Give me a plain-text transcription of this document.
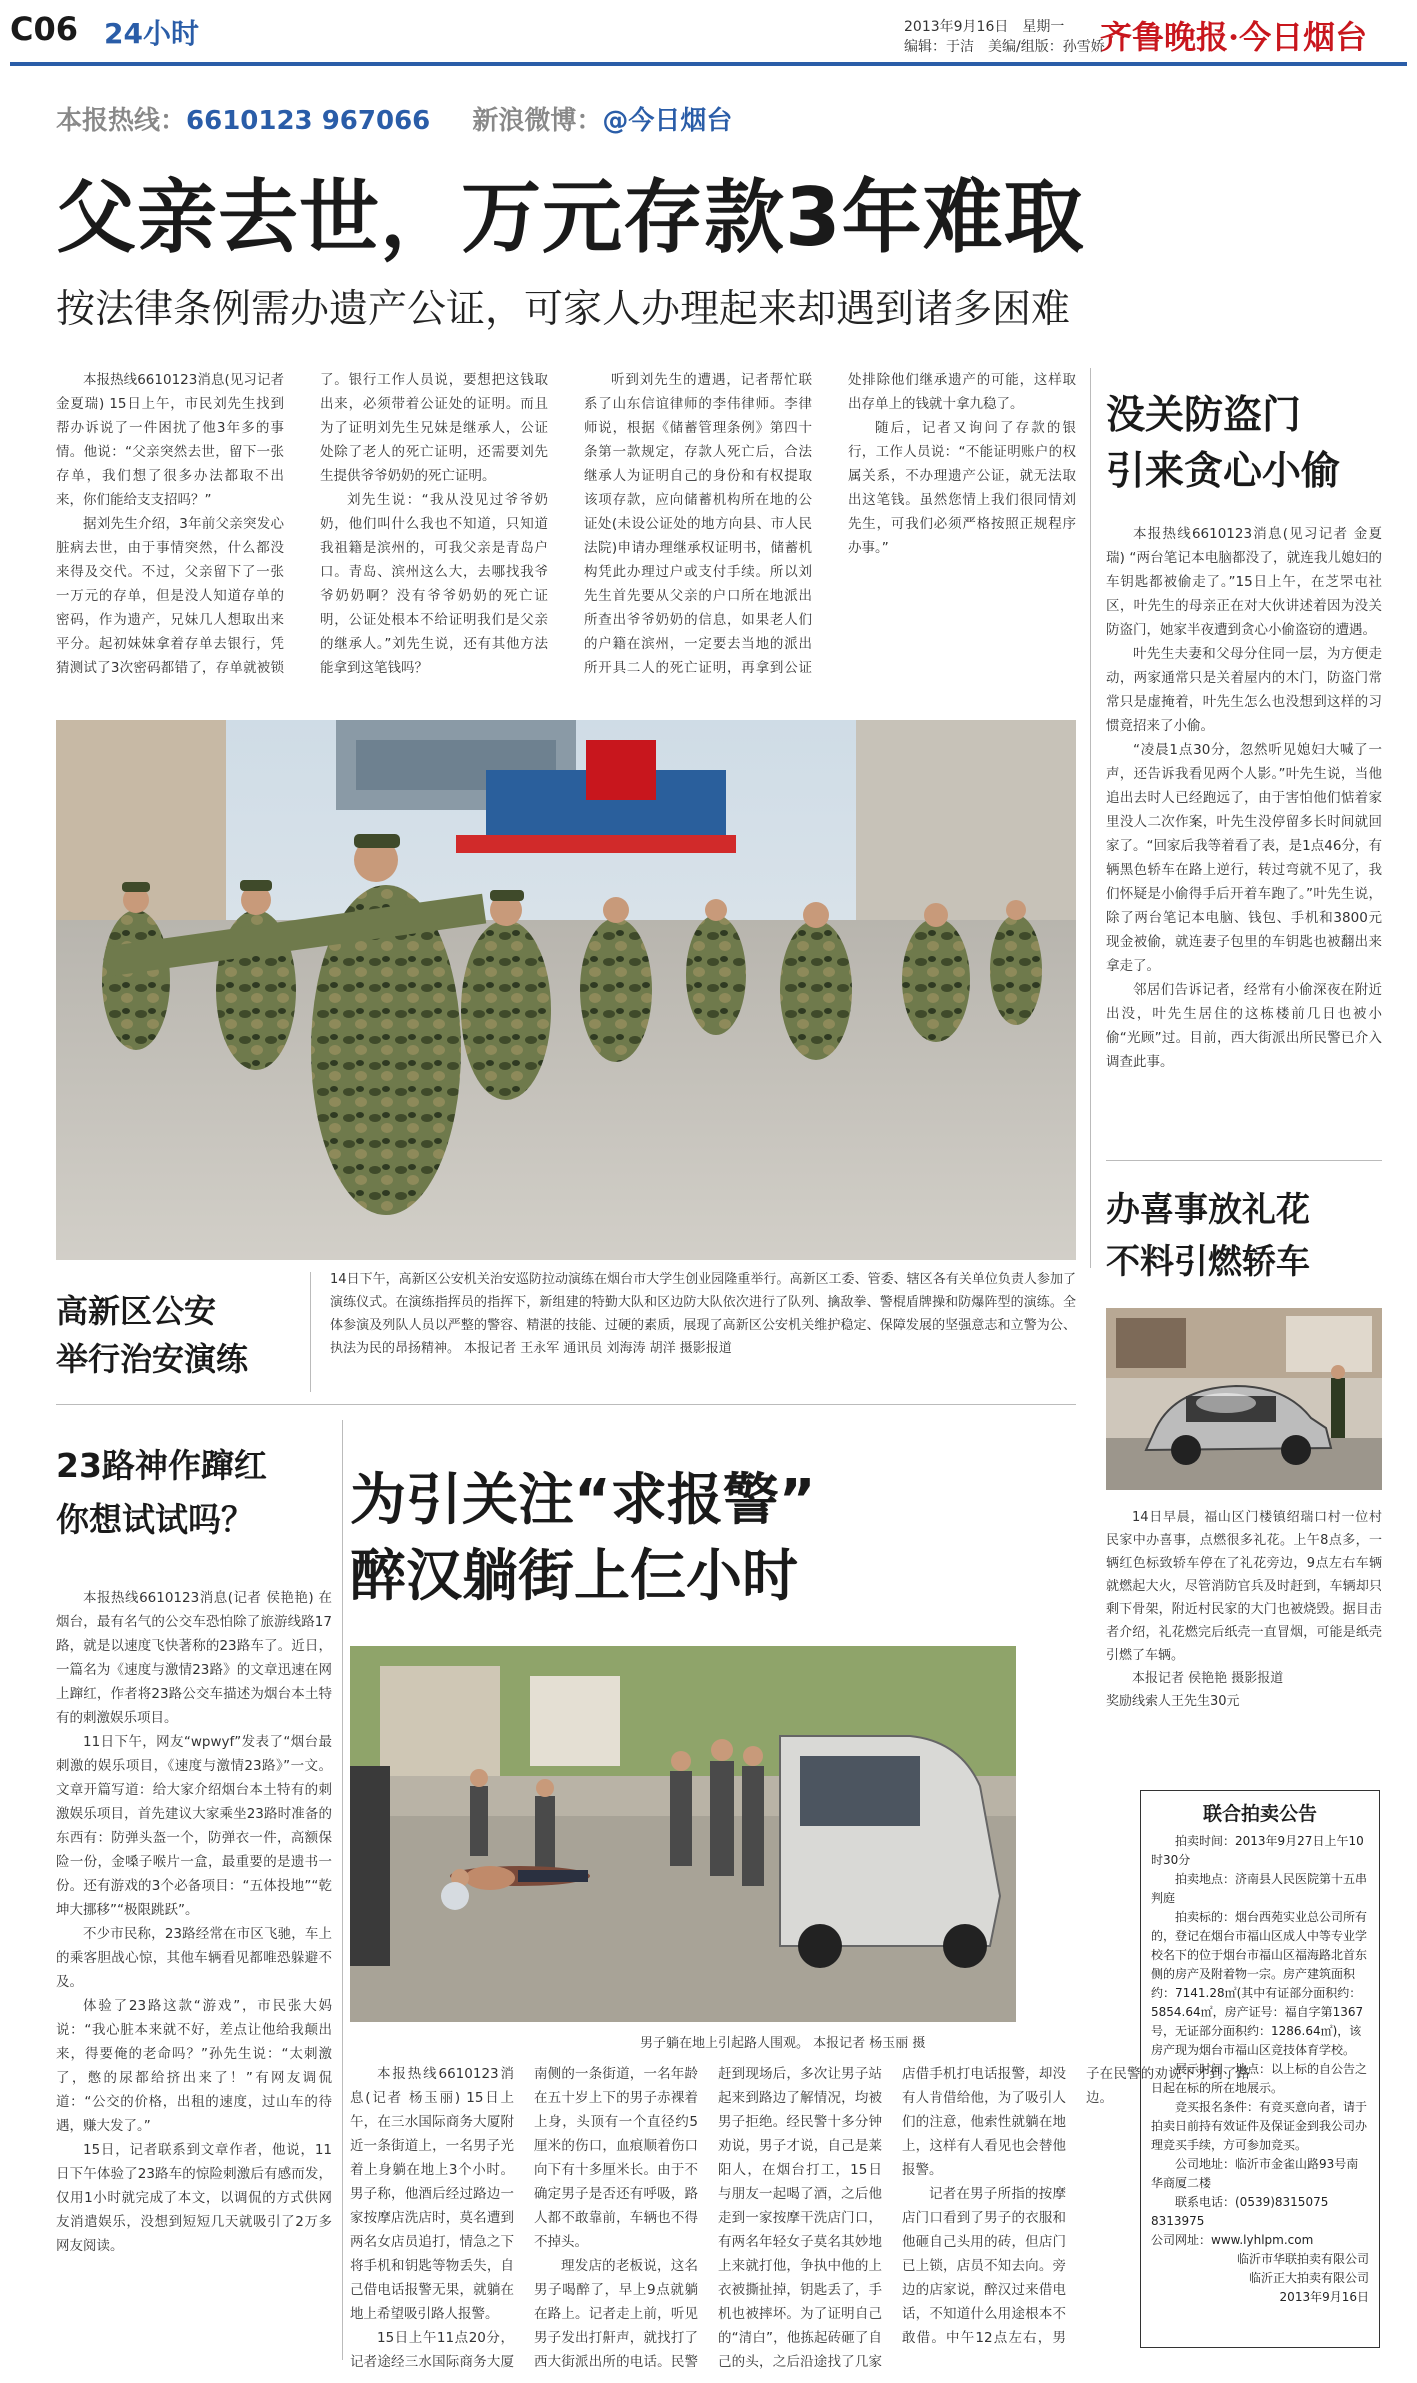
C06 24小时	2013年9月16日　星期一
编辑：于洁　美编/组版：孙雪娇
齐鲁晚报·今日烟台
本报热线：6610123 967066 新浪微博：@今日烟台
父亲去世，万元存款3年难取
按法律条例需办遗产公证，可家人办理起来却遇到诸多困难

本报热线6610123消息(见习记者 金夏瑞) 15日上午，市民刘先生找到帮办诉说了一件困扰了他3年多的事情。他说：“父亲突然去世，留下一张存单，我们想了很多办法都取不出来，你们能给支支招吗？”

据刘先生介绍，3年前父亲突发心脏病去世，由于事情突然，什么都没来得及交代。不过，父亲留下了一张一万元的存单，但是没人知道存单的密码，作为遗产，兄妹几人想取出来平分。起初妹妹拿着存单去银行，凭猜测试了3次密码都错了，存单就被锁了。银行工作人员说，要想把这钱取出来，必须带着公证处的证明。而且为了证明刘先生兄妹是继承人，公证处除了老人的死亡证明，还需要刘先生提供爷爷奶奶的死亡证明。

刘先生说：“我从没见过爷爷奶奶，他们叫什么我也不知道，只知道我祖籍是滨州的，可我父亲是青岛户口。青岛、滨州这么大，去哪找我爷爷奶奶啊？没有爷爷奶奶的死亡证明，公证处根本不给证明我们是父亲的继承人。”刘先生说，还有其他方法能拿到这笔钱吗？

听到刘先生的遭遇，记者帮忙联系了山东信谊律师的李伟律师。李律师说，根据《储蓄管理条例》第四十条第一款规定，存款人死亡后，合法继承人为证明自己的身份和有权提取该项存款，应向储蓄机构所在地的公证处(未设公证处的地方向县、市人民法院)申请办理继承权证明书，储蓄机构凭此办理过户或支付手续。所以刘先生首先要从父亲的户口所在地派出所查出爷爷奶奶的信息，如果老人们的户籍在滨州，一定要去当地的派出所开具二人的死亡证明，再拿到公证处排除他们继承遗产的可能，这样取出存单上的钱就十拿九稳了。

随后，记者又询问了存款的银行，工作人员说：“不能证明账户的权属关系，不办理遗产公证，就无法取出这笔钱。虽然您情上我们很同情刘先生，可我们必须严格按照正规程序办事。”

没关防盗门
引来贪心小偷

本报热线6610123消息(见习记者 金夏瑞) “两台笔记本电脑都没了，就连我儿媳妇的车钥匙都被偷走了。”15日上午，在芝罘屯社区，叶先生的母亲正在对大伙讲述着因为没关防盗门，她家半夜遭到贪心小偷盗窃的遭遇。

叶先生夫妻和父母分住同一层，为方便走动，两家通常只是关着屋内的木门，防盗门常常只是虚掩着，叶先生怎么也没想到这样的习惯竟招来了小偷。

“凌晨1点30分，忽然听见媳妇大喊了一声，还告诉我看见两个人影。”叶先生说，当他追出去时人已经跑远了，由于害怕他们惦着家里没人二次作案，叶先生没停留多长时间就回家了。“回家后我等着看了表，是1点46分，有辆黑色轿车在路上逆行，转过弯就不见了，我们怀疑是小偷得手后开着车跑了。”叶先生说，除了两台笔记本电脑、钱包、手机和3800元现金被偷，就连妻子包里的车钥匙也被翻出来拿走了。

邻居们告诉记者，经常有小偷深夜在附近出没，叶先生居住的这栋楼前几日也被小偷“光顾”过。目前，西大街派出所民警已介入调查此事。

高新区公安
举行治安演练
14日下午，高新区公安机关治安巡防拉动演练在烟台市大学生创业园隆重举行。高新区工委、管委、辖区各有关单位负责人参加了演练仪式。在演练指挥员的指挥下，新组建的特勤大队和区边防大队依次进行了队列、擒敌拳、警棍盾牌操和防爆阵型的演练。全体参演及列队人员以严整的警容、精湛的技能、过硬的素质，展现了高新区公安机关维护稳定、保障发展的坚强意志和立警为公、执法为民的昂扬精神。 本报记者 王永军 通讯员 刘海涛 胡洋 摄影报道
办喜事放礼花
不料引燃轿车
14日早晨，福山区门楼镇绍瑞口村一位村民家中办喜事，点燃很多礼花。上午8点多，一辆红色标致轿车停在了礼花旁边，9点左右车辆就燃起大火，尽管消防官兵及时赶到，车辆却只剩下骨架，附近村民家的大门也被烧毁。据目击者介绍，礼花燃完后纸壳一直冒烟，可能是纸壳引燃了车辆。
本报记者 侯艳艳 摄影报道
奖励线索人王先生30元
23路神作蹿红
你想试试吗？

本报热线6610123消息(记者 侯艳艳) 在烟台，最有名气的公交车恐怕除了旅游线路17路，就是以速度飞快著称的23路车了。近日，一篇名为《速度与激情23路》的文章迅速在网上蹿红，作者将23路公交车描述为烟台本土特有的刺激娱乐项目。

11日下午，网友“wpwyf”发表了“烟台最刺激的娱乐项目，《速度与激情23路》”一文。文章开篇写道：给大家介绍烟台本土特有的刺激娱乐项目，首先建议大家乘坐23路时准备的东西有：防弹头盔一个，防弹衣一件，高额保险一份，金嗓子喉片一盒，最重要的是遗书一份。还有游戏的3个必备项目：“五体投地”“乾坤大挪移”“极限跳跃”。

不少市民称，23路经常在市区飞驰，车上的乘客胆战心惊，其他车辆看见都唯恐躲避不及。

体验了23路这款“游戏”，市民张大妈说：“我心脏本来就不好，差点让他给我颠出来，得要俺的老命吗？”孙先生说：“太刺激了，憋的尿都给挤出来了！”有网友调侃道：“公交的价格，出租的速度，过山车的待遇，赚大发了。”

15日，记者联系到文章作者，他说，11日下午体验了23路车的惊险刺激后有感而发，仅用1小时就完成了本文，以调侃的方式供网友消遣娱乐，没想到短短几天就吸引了2万多网友阅读。

为引关注“求报警”
醉汉躺街上仨小时
男子躺在地上引起路人围观。 本报记者 杨玉丽 摄

本报热线6610123消息(记者 杨玉丽) 15日上午，在三水国际商务大厦附近一条街道上，一名男子光着上身躺在地上3个小时。男子称，他酒后经过路边一家按摩店洗店时，莫名遭到两名女店员追打，情急之下将手机和钥匙等物丢失，自己借电话报警无果，就躺在地上希望吸引路人报警。

15日上午11点20分，记者途经三水国际商务大厦南侧的一条街道，一名年龄在五十岁上下的男子赤裸着上身，头顶有一个直径约5厘米的伤口，血痕顺着伤口向下有十多厘米长。由于不确定男子是否还有呼吸，路人都不敢靠前，车辆也不得不掉头。

理发店的老板说，这名男子喝醉了，早上9点就躺在路上。记者走上前，听见男子发出打鼾声，就找打了西大街派出所的电话。民警赶到现场后，多次让男子站起来到路边了解情况，均被男子拒绝。经民警十多分钟劝说，男子才说，自己是莱阳人，在烟台打工，15日与朋友一起喝了酒，之后他走到一家按摩干洗店门口，有两名年轻女子莫名其妙地上来就打他，争执中他的上衣被撕扯掉，钥匙丢了，手机也被摔坏。为了证明自己的“清白”，他拣起砖砸了自己的头，之后沿途找了几家店借手机打电话报警，却没有人肯借给他，为了吸引人们的注意，他索性就躺在地上，这样有人看见也会替他报警。

记者在男子所指的按摩店门口看到了男子的衣服和他砸自己头用的砖，但店门已上锁，店员不知去向。旁边的店家说，醉汉过来借电话，不知道什么用途根本不敢借。中午12点左右，男子在民警的劝说下才到了路边。

联合拍卖公告
拍卖时间：2013年9月27日上午10时30分
拍卖地点：济南县人民医院第十五串判庭
拍卖标的：烟台西苑实业总公司所有的，登记在烟台市福山区成人中等专业学校名下的位于烟台市福山区福海路北首东侧的房产及附着物一宗。房产建筑面积约：7141.28㎡(其中有证部分面积约：5854.64㎡，房产证号：福自字第1367号，无证部分面积约：1286.64㎡)，该房产现为烟台市福山区竞技体育学校。
展示时间、地点：以上标的自公告之日起在标的所在地展示。
竞买报名条件：有竞买意向者，请于拍卖日前持有效证件及保证金到我公司办理竞买手续，方可参加竞买。
公司地址：临沂市金雀山路93号南华商厦二楼
联系电话：(0539)8315075 8313975
公司网址：www.lyhlpm.com
临沂市华联拍卖有限公司
临沂正大拍卖有限公司
2013年9月16日
